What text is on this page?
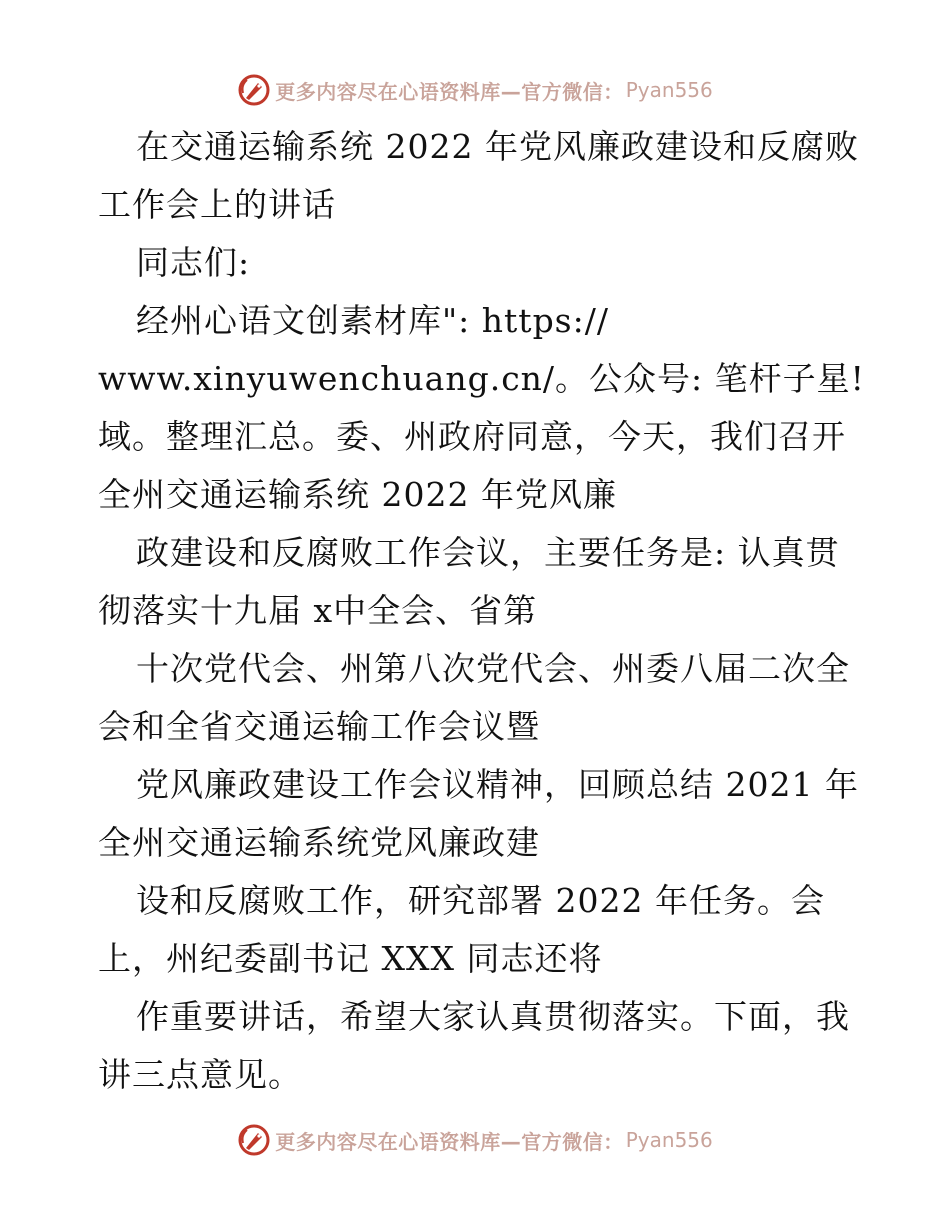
更多内容尽在心语资料库—官方微信： Pyan556
在交通运输系统 2022 年党风廉政建设和反腐败
工作会上的讲话
同志们:
经州心语文创素材库": https://
www.xinyuwenchuang.cn/。公众号: 笔杆子星!
域。整理汇总。委、州政府同意，今天，我们召开
全州交通运输系统 2022 年党风廉
政建设和反腐败工作会议，主要任务是: 认真贯
彻落实十九届 x中全会、省第
十次党代会、州第八次党代会、州委八届二次全
会和全省交通运输工作会议暨
党风廉政建设工作会议精神，回顾总结 2021 年
全州交通运输系统党风廉政建
设和反腐败工作，研究部署 2022 年任务。会
上，州纪委副书记 XXX 同志还将
作重要讲话，希望大家认真贯彻落实。下面，我
讲三点意见。
更多内容尽在心语资料库—官方微信： Pyan556
